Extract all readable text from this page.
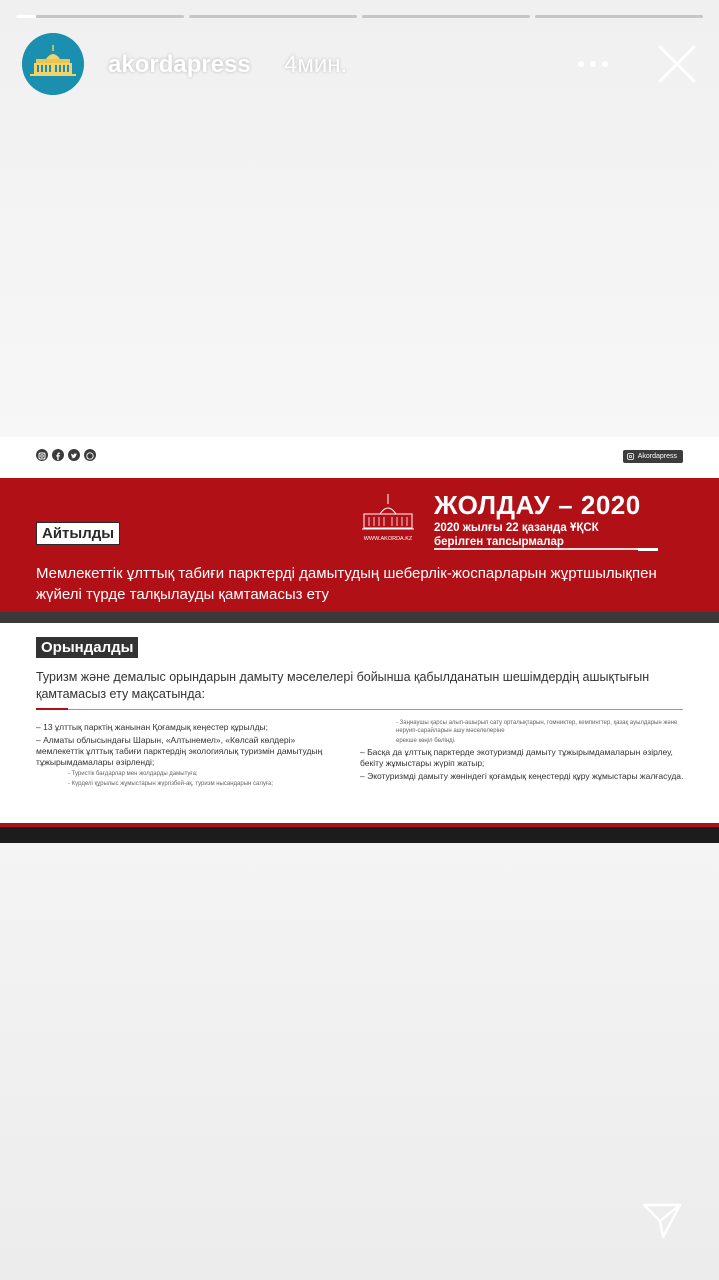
akordapress 4мин.
Akordapress
Айтылды	WWW.AKORDA.KZ
ЖОЛДАУ – 2020
2020 жылғы 22 қазанда ҰҚСК
берілген тапсырмалар
Мемлекеттік ұлттық табиғи парктерді дамытудың шеберлік-жоспарларын жұртшылықпен жүйелі түрде талқылауды қамтамасыз ету
Орындалды
Туризм және демалыс орындарын дамыту мәселелері бойынша қабылданатын шешімдердің ашықтығын қамтамасыз ету мақсатында:

– 13 ұлттық парктің жанынан Қоғамдық кеңестер құрылды;

– Алматы облысындағы Шарын, «Алтынемел», «Көлсай көлдері» мемлекеттік ұлттық табиғи парктердің экологиялық туризмін дамытудың тұжырымдамалары әзірленді;

- Туристік бағдарлар мен жолдарды дамытуға;

- Күрделі құрылыс жұмыстарын жүргізбей-ақ, туризм нысандарын салуға;

- Заңнаушы қарсы алып-ашырып сату орталықтарын, гомниктер, кемпингтер, қазақ ауылдарын және неруип-сарайларын ашу мәселелеріне

ерекше көңіл бөлінді.

– Басқа да ұлттық парктерде экотуризмді дамыту тұжырымдамаларын әзірлеу, бекіту жұмыстары жүріп жатыр;

– Экотуризмді дамыту жөніндегі қоғамдық кеңестерді құру жұмыстары жалғасуда.
